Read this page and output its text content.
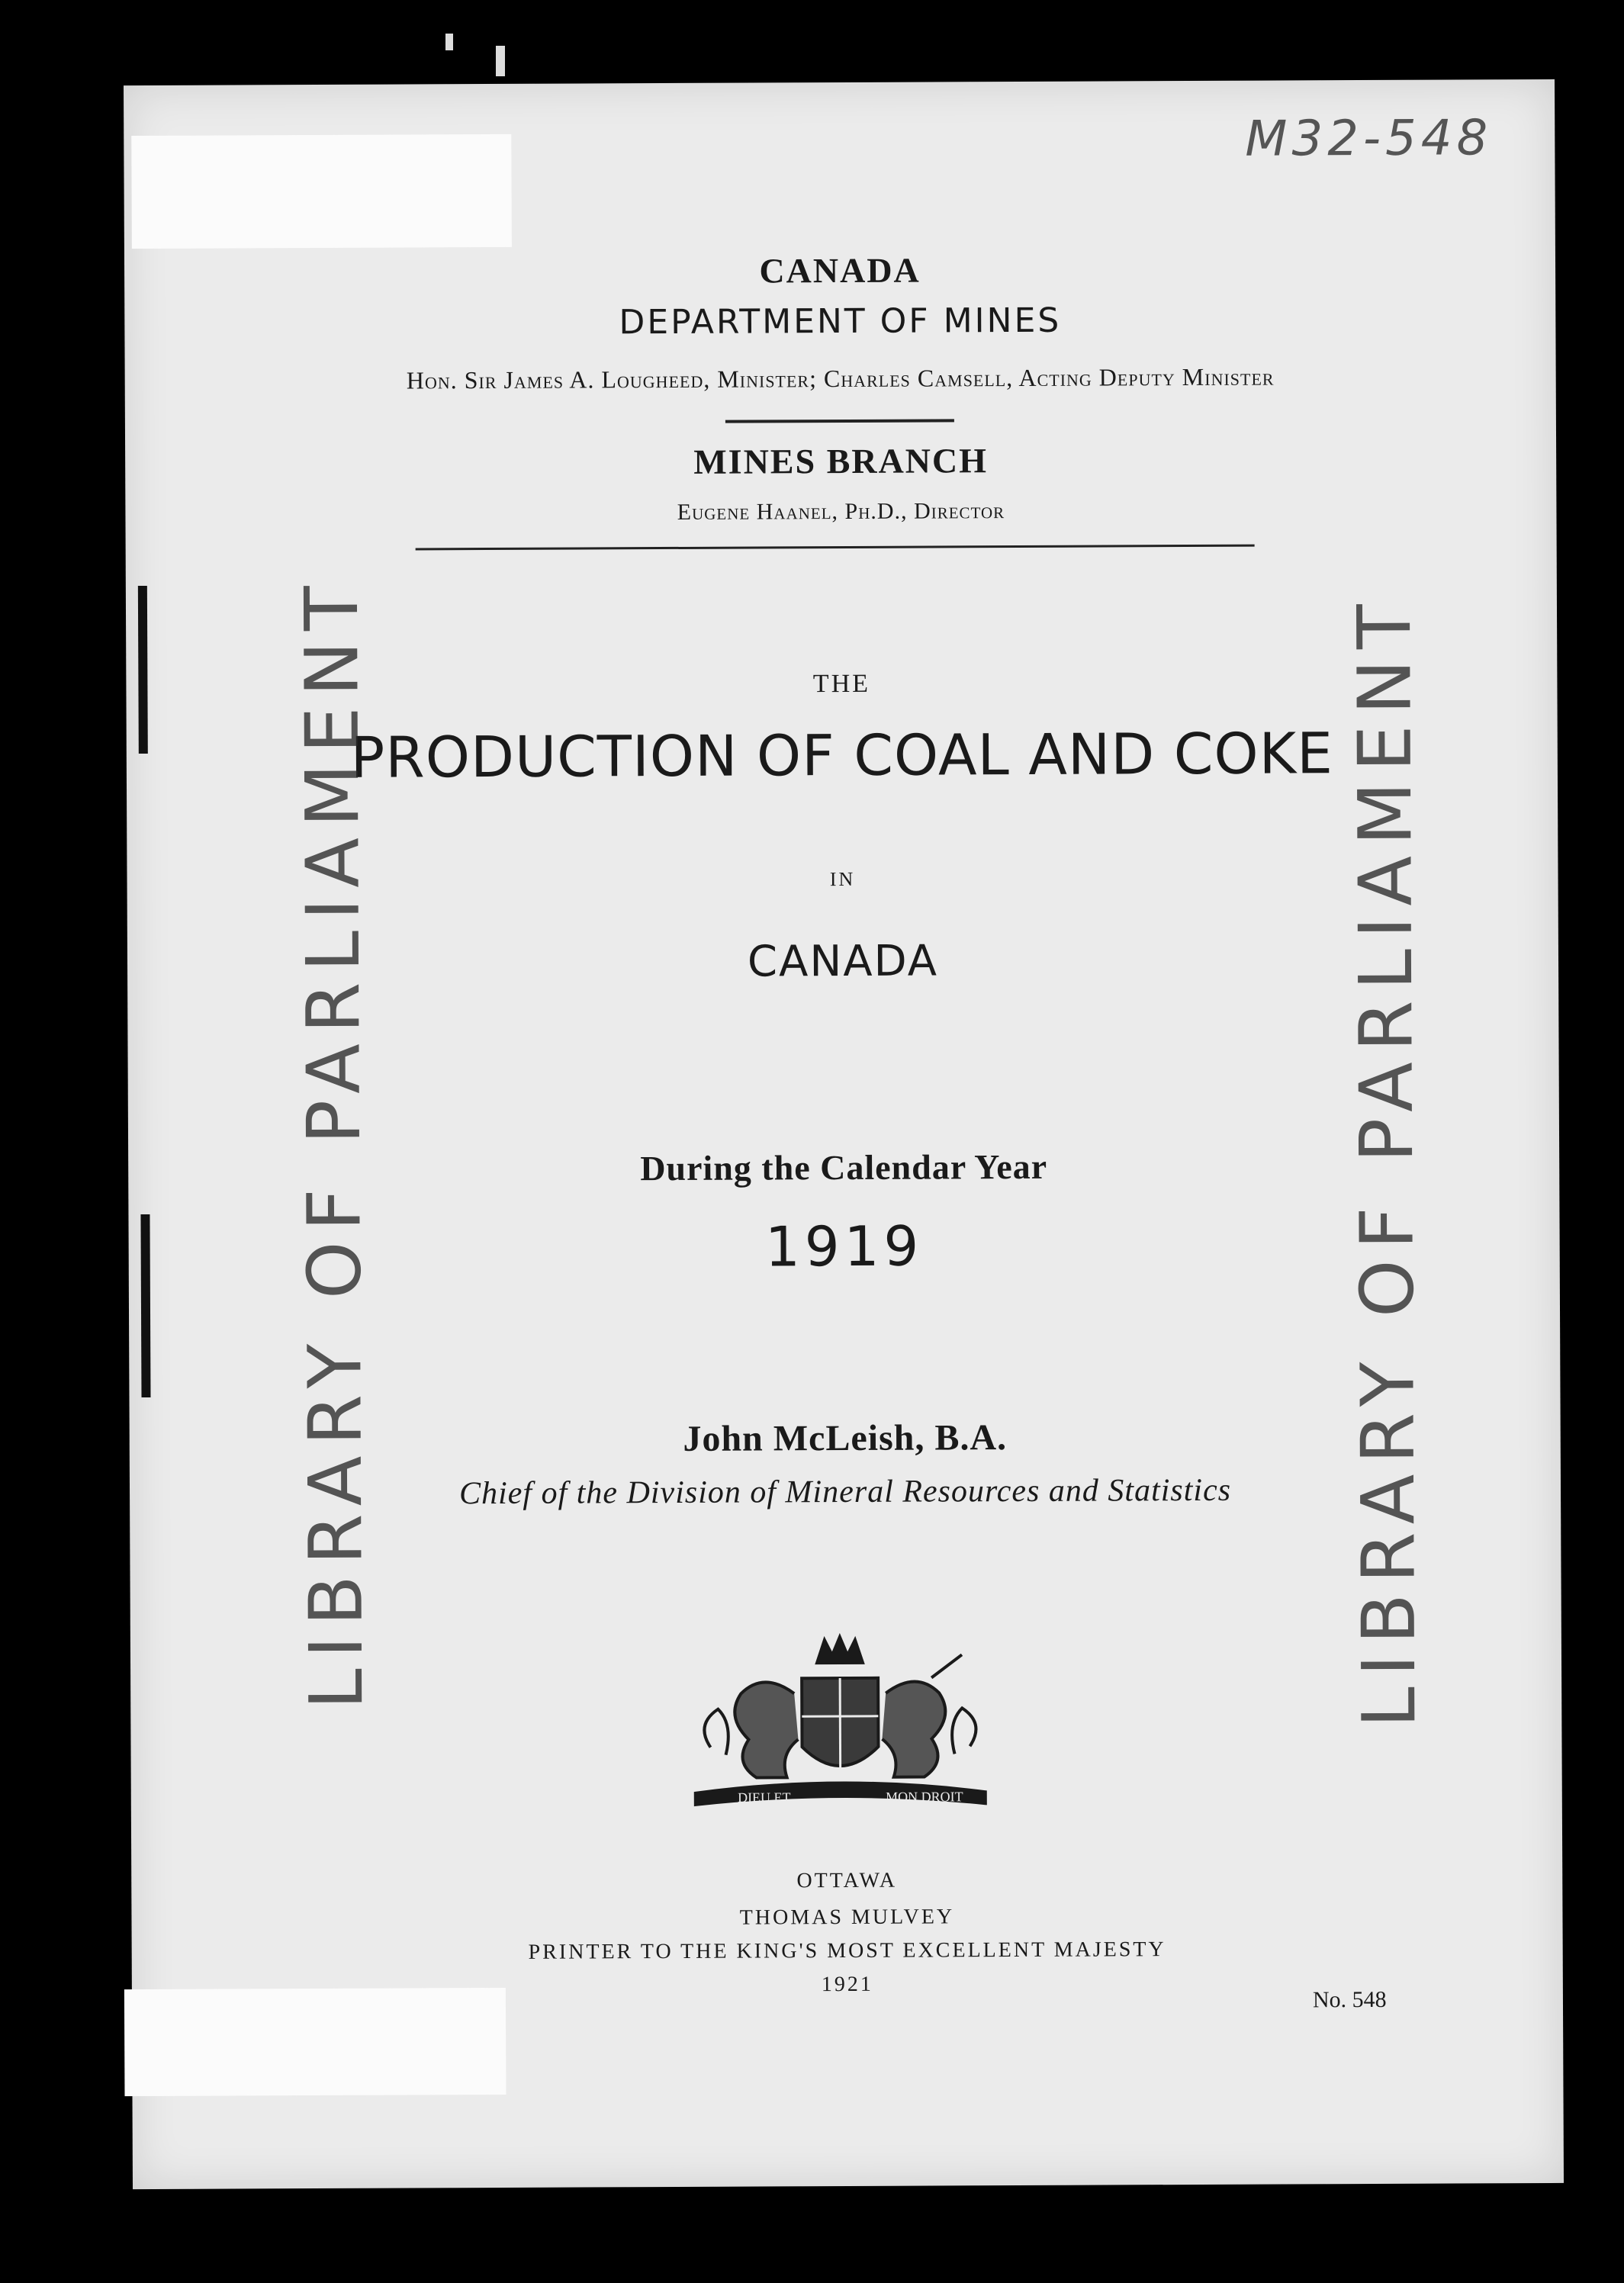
M32-548
CANADA
DEPARTMENT OF MINES
Hon. Sir James A. Lougheed, Minister; Charles Camsell, Acting Deputy Minister
MINES BRANCH
Eugene Haanel, Ph.D., Director
THE
PRODUCTION OF COAL AND COKE
IN
CANADA
During the Calendar Year
1919
John McLeish, B.A.
Chief of the Division of Mineral Resources and Statistics
DIEU ET	MON DROIT
OTTAWA
THOMAS MULVEY
PRINTER TO THE KING'S MOST EXCELLENT MAJESTY
1921
No. 548
LIBRARY OF PARLIAMENT	LIBRARY OF PARLIAMENT
